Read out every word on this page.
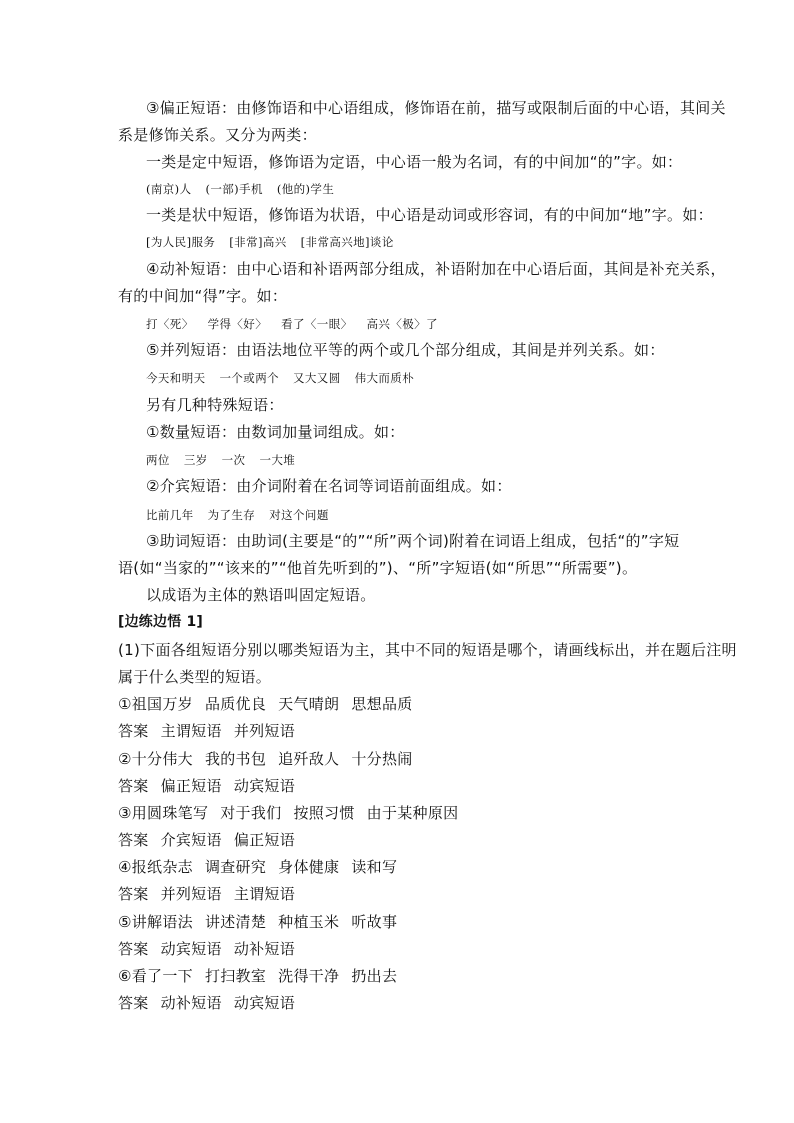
③偏正短语：由修饰语和中心语组成，修饰语在前，描写或限制后面的中心语，其间关
系是修饰关系。又分为两类：
一类是定中短语，修饰语为定语，中心语一般为名词，有的中间加“的”字。如：
(南京)人 (一部)手机 (他的)学生
一类是状中短语，修饰语为状语，中心语是动词或形容词，有的中间加“地”字。如：
[为人民]服务 [非常]高兴 [非常高兴地]谈论
④动补短语：由中心语和补语两部分组成，补语附加在中心语后面，其间是补充关系，
有的中间加“得”字。如：
打〈死〉 学得〈好〉 看了〈一眼〉 高兴〈极〉了
⑤并列短语：由语法地位平等的两个或几个部分组成，其间是并列关系。如：
今天和明天 一个或两个 又大又圆 伟大而质朴
另有几种特殊短语：
①数量短语：由数词加量词组成。如：
两位 三岁 一次 一大堆
②介宾短语：由介词附着在名词等词语前面组成。如：
比前几年 为了生存 对这个问题
③助词短语：由助词(主要是“的”“所”两个词)附着在词语上组成，包括“的”字短
语(如“当家的”“该来的”“他首先听到的”)、“所”字短语(如“所思”“所需要”)。
以成语为主体的熟语叫固定短语。
[边练边悟 1]
(1)下面各组短语分别以哪类短语为主，其中不同的短语是哪个，请画线标出，并在题后注明
属于什么类型的短语。
①祖国万岁 品质优良 天气晴朗 思想品质
答案 主谓短语 并列短语
②十分伟大 我的书包 追歼敌人 十分热闹
答案 偏正短语 动宾短语
③用圆珠笔写 对于我们 按照习惯 由于某种原因
答案 介宾短语 偏正短语
④报纸杂志 调查研究 身体健康 读和写
答案 并列短语 主谓短语
⑤讲解语法 讲述清楚 种植玉米 听故事
答案 动宾短语 动补短语
⑥看了一下 打扫教室 洗得干净 扔出去
答案 动补短语 动宾短语
